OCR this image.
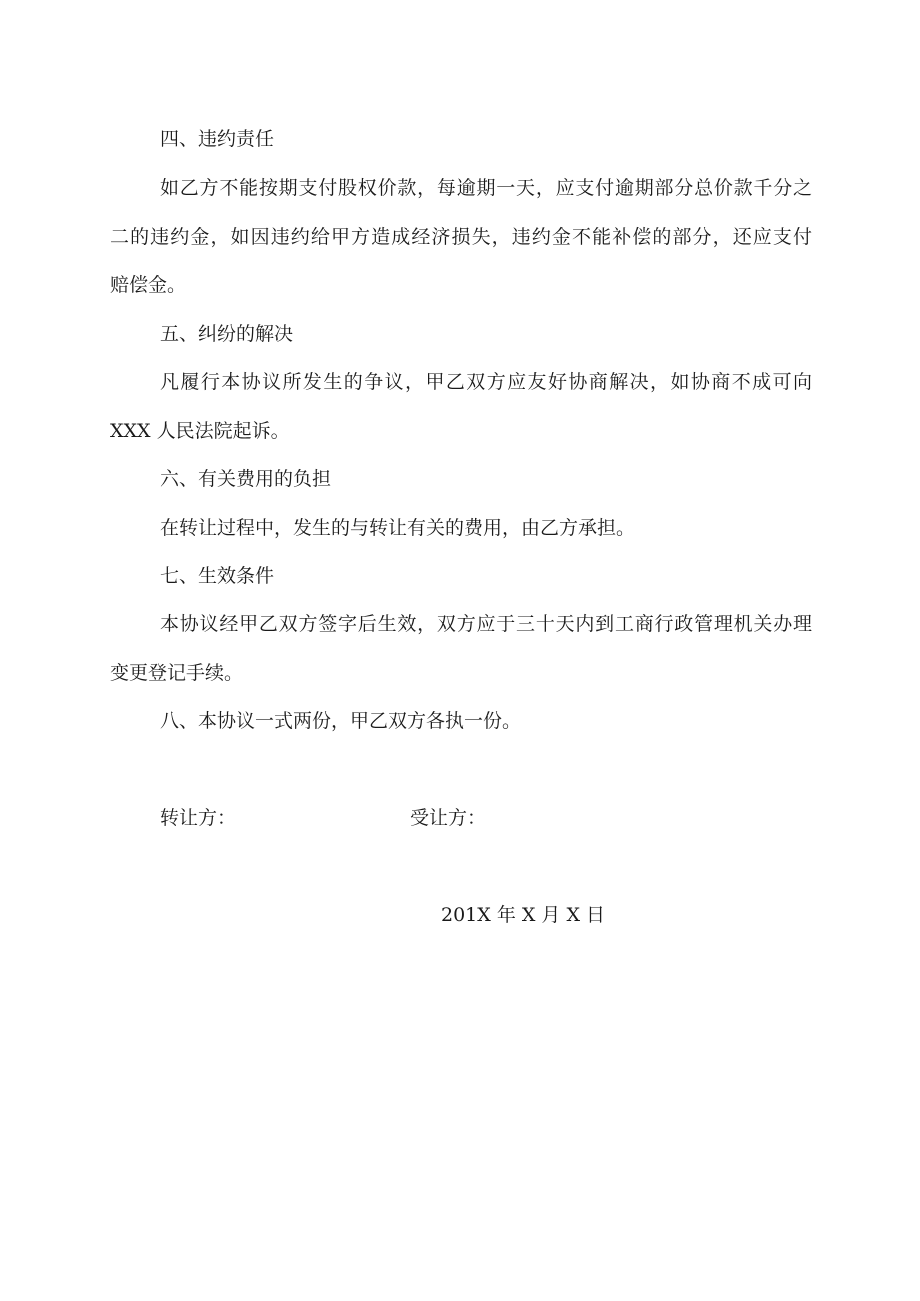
四、违约责任

如乙方不能按期支付股权价款，每逾期一天，应支付逾期部分总价款千分之

二的违约金，如因违约给甲方造成经济损失，违约金不能补偿的部分，还应支付

赔偿金。

五、纠纷的解决

凡履行本协议所发生的争议，甲乙双方应友好协商解决，如协商不成可向

XXX 人民法院起诉。

六、有关费用的负担

在转让过程中，发生的与转让有关的费用，由乙方承担。

七、生效条件

本协议经甲乙双方签字后生效，双方应于三十天内到工商行政管理机关办理

变更登记手续。

八、本协议一式两份，甲乙双方各执一份。

转让方：	受让方：

201X 年 X 月 X 日
